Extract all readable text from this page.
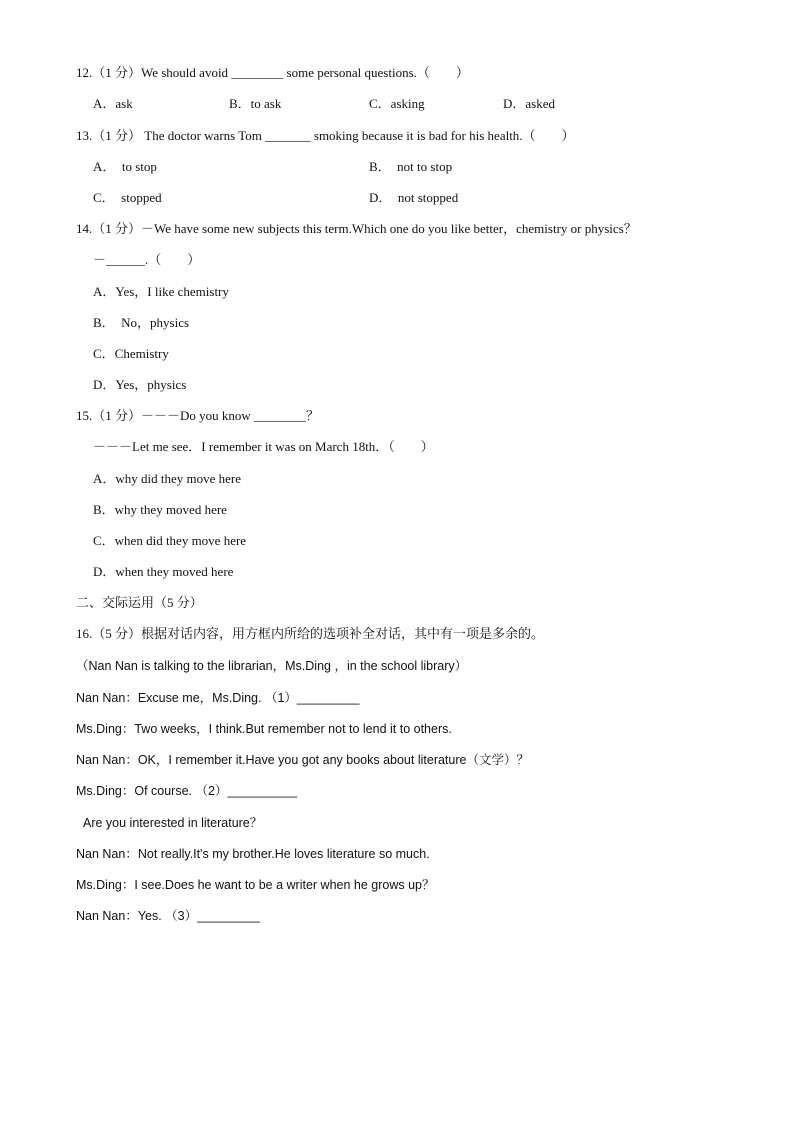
12.（1 分）We should avoid ________ some personal questions.（　　）
A．ask	B．to ask	C．asking	D．asked
13.（1 分） The doctor warns Tom _______ smoking because it is bad for his health.（　　）
A．　to stop	B．　not to stop
C．　stopped	D．　not stopped
14.（1 分）－We have some new subjects this term.Which one do you like better，chemistry or physics？
－______.（　　）
A．Yes，I like chemistry
B．　No，physics
C．Chemistry
D．Yes，physics
15.（1 分）－－－Do you know ________？
－－－Let me see．I remember it was on March 18th．（　　）
A．why did they move here
B．why they moved here
C．when did they move here
D．when they moved here
二、交际运用（5 分）
16.（5 分）根据对话内容，用方框内所给的选项补全对话，其中有一项是多余的。
（Nan Nan is talking to the librarian，Ms.Ding ，in the school library）
Nan Nan：Excuse me，Ms.Ding. （1）_________
Ms.Ding：Two weeks，I think.But remember not to lend it to others.
Nan Nan：OK，I remember it.Have you got any books about literature（文学）？
Ms.Ding：Of course. （2）__________
Are you interested in literature？
Nan Nan：Not really.It's my brother.He loves literature so much.
Ms.Ding：I see.Does he want to be a writer when he grows up？
Nan Nan：Yes. （3）_________
